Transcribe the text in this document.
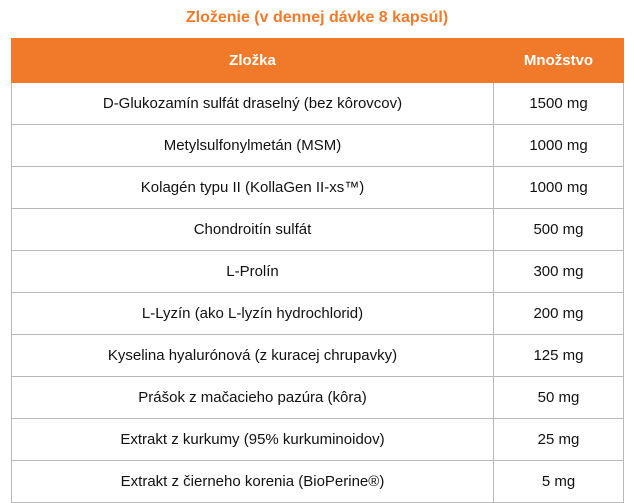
Zloženie (v dennej dávke 8 kapsúl)
Zložka	Množstvo
D-Glukozamín sulfát draselný (bez kôrovcov)	1500 mg
Metylsulfonylmetán (MSM)	1000 mg
Kolagén typu II (KollaGen II-xs™)	1000 mg
Chondroitín sulfát	500 mg
L-Prolín	300 mg
L-Lyzín (ako L-lyzín hydrochlorid)	200 mg
Kyselina hyalurónová (z kuracej chrupavky)	125 mg
Prášok z mačacieho pazúra (kôra)	50 mg
Extrakt z kurkumy (95% kurkuminoidov)	25 mg
Extrakt z čierneho korenia (BioPerine®)	5 mg
